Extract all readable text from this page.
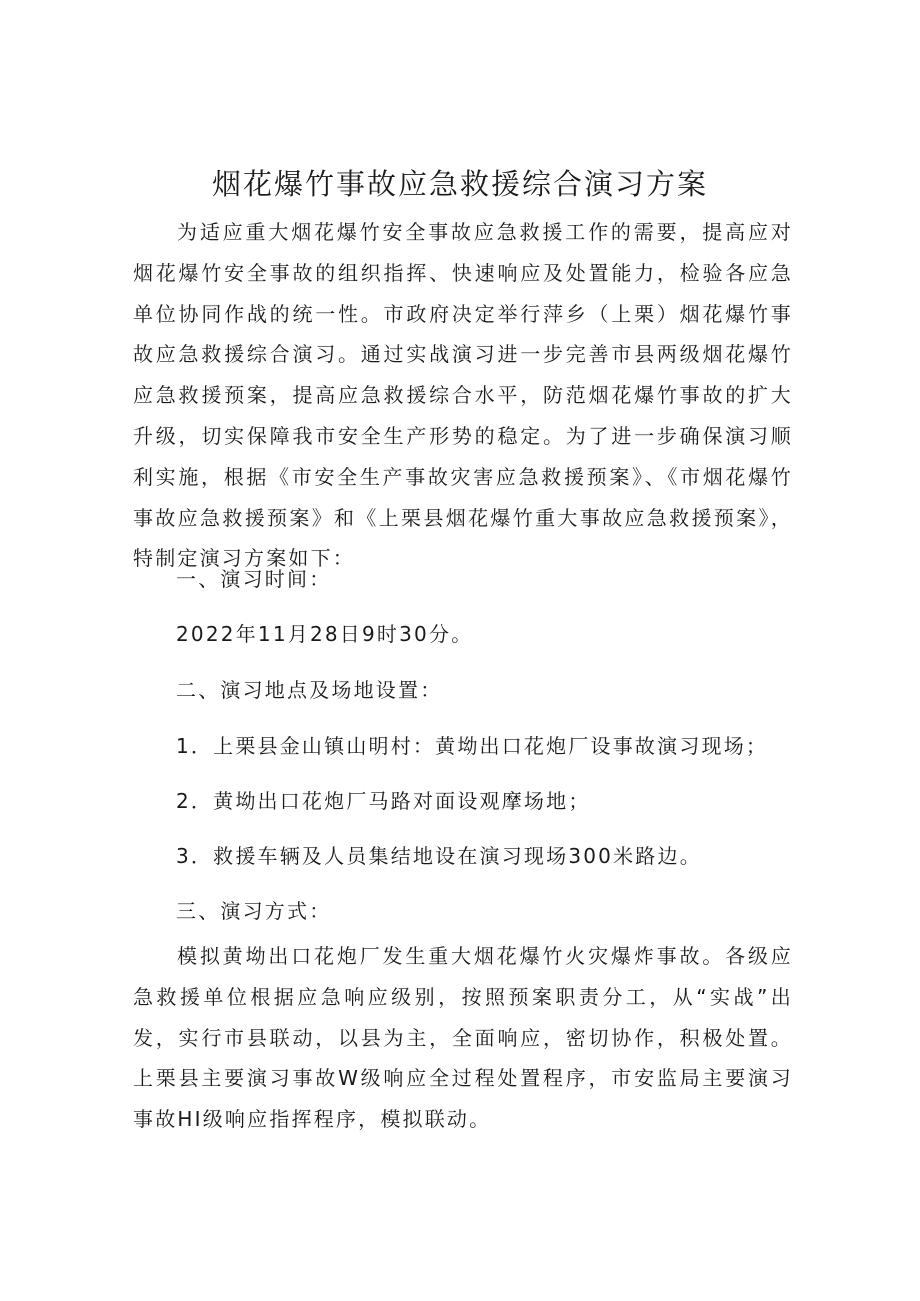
烟花爆竹事故应急救援综合演习方案

为适应重大烟花爆竹安全事故应急救援工作的需要，提高应对烟花爆竹安全事故的组织指挥、快速响应及处置能力，检验各应急单位协同作战的统一性。市政府决定举行萍乡（上栗）烟花爆竹事故应急救援综合演习。通过实战演习进一步完善市县两级烟花爆竹应急救援预案，提高应急救援综合水平，防范烟花爆竹事故的扩大升级，切实保障我市安全生产形势的稳定。为了进一步确保演习顺利实施，根据《市安全生产事故灾害应急救援预案》、《市烟花爆竹事故应急救援预案》和《上栗县烟花爆竹重大事故应急救援预案》，特制定演习方案如下：

一、演习时间：

2022年11月28日9时30分。

二、演习地点及场地设置：

1．上栗县金山镇山明村：黄坳出口花炮厂设事故演习现场；

2．黄坳出口花炮厂马路对面设观摩场地；

3．救援车辆及人员集结地设在演习现场300米路边。

三、演习方式：

模拟黄坳出口花炮厂发生重大烟花爆竹火灾爆炸事故。各级应急救援单位根据应急响应级别，按照预案职责分工，从“实战”出发，实行市县联动，以县为主，全面响应，密切协作，积极处置。上栗县主要演习事故W级响应全过程处置程序，市安监局主要演习事故HI级响应指挥程序，模拟联动。
